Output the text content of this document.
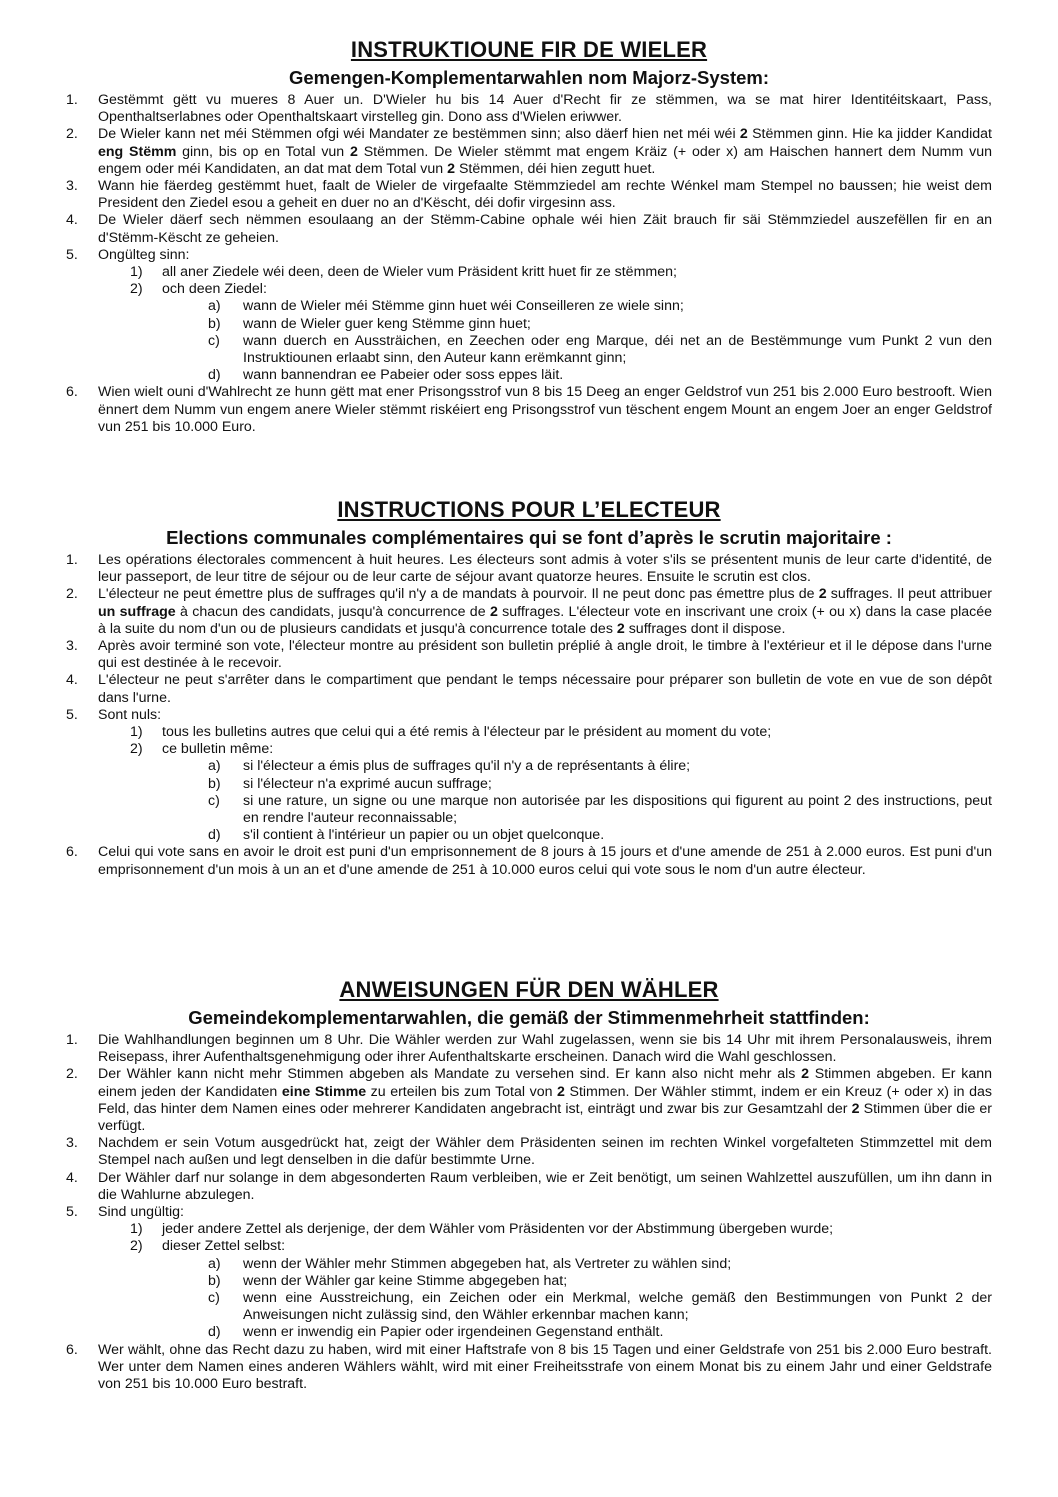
INSTRUKTIOUNE FIR DE WIELER
Gemengen-Komplementarwahlen nom Majorz-System:
1. Gestëmmt gëtt vu mueres 8 Auer un. D'Wieler hu bis 14 Auer d'Recht fir ze stëmmen, wa se mat hirer Identitéitskaart, Pass, Openthaltserlabnes oder Openthaltskaart virstelleg gin. Dono ass d'Wielen eriwwer.
2. De Wieler kann net méi Stëmmen ofgi wéi Mandater ze bestëmmen sinn; also däerf hien net méi wéi 2 Stëmmen ginn. Hie ka jidder Kandidat eng Stëmm ginn, bis op en Total vun 2 Stëmmen. De Wieler stëmmt mat engem Kräiz (+ oder x) am Haischen hannert dem Numm vun engem oder méi Kandidaten, an dat mat dem Total vun 2 Stëmmen, déi hien zegutt huet.
3. Wann hie fäerdeg gestëmmt huet, faalt de Wieler de virgefaalte Stëmmziedel am rechte Wénkel mam Stempel no baussen; hie weist dem President den Ziedel esou a geheit en duer no an d'Këscht, déi dofir virgesinn ass.
4. De Wieler däerf sech nëmmen esoulaang an der Stëmm-Cabine ophale wéi hien Zäit brauch fir säi Stëmmziedel auszefëllen fir en an d'Stëmm-Këscht ze geheien.
5. Ongülteg sinn:
1) all aner Ziedele wéi deen, deen de Wieler vum Präsident kritt huet fir ze stëmmen;
2) och deen Ziedel:
a) wann de Wieler méi Stëmme ginn huet wéi Conseilleren ze wiele sinn;
b) wann de Wieler guer keng Stëmme ginn huet;
c) wann duerch en Aussträichen, en Zeechen oder eng Marque, déi net an de Bestëmmunge vum Punkt 2 vun den Instruktiounen erlaabt sinn, den Auteur kann erëmkannt ginn;
d) wann bannendran ee Pabeier oder soss eppes läit.
6. Wien wielt ouni d'Wahlrecht ze hunn gëtt mat ener Prisongsstrof vun 8 bis 15 Deeg an enger Geldstrof vun 251 bis 2.000 Euro bestrooft. Wien ënnert dem Numm vun engem anere Wieler stëmmt riskéiert eng Prisongsstrof vun tëschent engem Mount an engem Joer an enger Geldstrof vun 251 bis 10.000 Euro.
INSTRUCTIONS POUR L’ELECTEUR
Elections communales complémentaires qui se font d’après le scrutin majoritaire :
1. Les opérations électorales commencent à huit heures. Les électeurs sont admis à voter s'ils se présentent munis de leur carte d'identité, de leur passeport, de leur titre de séjour ou de leur carte de séjour avant quatorze heures. Ensuite le scrutin est clos.
2. L'électeur ne peut émettre plus de suffrages qu'il n'y a de mandats à pourvoir. Il ne peut donc pas émettre plus de 2 suffrages. Il peut attribuer un suffrage à chacun des candidats, jusqu'à concurrence de 2 suffrages. L'électeur vote en inscrivant une croix (+ ou x) dans la case placée à la suite du nom d'un ou de plusieurs candidats et jusqu'à concurrence totale des 2 suffrages dont il dispose.
3. Après avoir terminé son vote, l'électeur montre au président son bulletin préplié à angle droit, le timbre à l'extérieur et il le dépose dans l'urne qui est destinée à le recevoir.
4. L'électeur ne peut s'arrêter dans le compartiment que pendant le temps nécessaire pour préparer son bulletin de vote en vue de son dépôt dans l'urne.
5. Sont nuls:
1) tous les bulletins autres que celui qui a été remis à l'électeur par le président au moment du vote;
2) ce bulletin même:
a) si l'électeur a émis plus de suffrages qu'il n'y a de représentants à élire;
b) si l'électeur n'a exprimé aucun suffrage;
c) si une rature, un signe ou une marque non autorisée par les dispositions qui figurent au point 2 des instructions, peut en rendre l'auteur reconnaissable;
d) s'il contient à l'intérieur un papier ou un objet quelconque.
6. Celui qui vote sans en avoir le droit est puni d'un emprisonnement de 8 jours à 15 jours et d'une amende de 251 à 2.000 euros. Est puni d'un emprisonnement d'un mois à un an et d'une amende de 251 à 10.000 euros celui qui vote sous le nom d'un autre électeur.
ANWEISUNGEN FÜR DEN WÄHLER
Gemeindekomplementarwahlen, die gemäß der Stimmenmehrheit stattfinden:
1. Die Wahlhandlungen beginnen um 8 Uhr. Die Wähler werden zur Wahl zugelassen, wenn sie bis 14 Uhr mit ihrem Personalausweis, ihrem Reisepass, ihrer Aufenthaltsgenehmigung oder ihrer Aufenthaltskarte erscheinen. Danach wird die Wahl geschlossen.
2. Der Wähler kann nicht mehr Stimmen abgeben als Mandate zu versehen sind. Er kann also nicht mehr als 2 Stimmen abgeben. Er kann einem jeden der Kandidaten eine Stimme zu erteilen bis zum Total von 2 Stimmen. Der Wähler stimmt, indem er ein Kreuz (+ oder x) in das Feld, das hinter dem Namen eines oder mehrerer Kandidaten angebracht ist, einträgt und zwar bis zur Gesamtzahl der 2 Stimmen über die er verfügt.
3. Nachdem er sein Votum ausgedrückt hat, zeigt der Wähler dem Präsidenten seinen im rechten Winkel vorgefalteten Stimmzettel mit dem Stempel nach außen und legt denselben in die dafür bestimmte Urne.
4. Der Wähler darf nur solange in dem abgesonderten Raum verbleiben, wie er Zeit benötigt, um seinen Wahlzettel auszufüllen, um ihn dann in die Wahlurne abzulegen.
5. Sind ungültig:
1) jeder andere Zettel als derjenige, der dem Wähler vom Präsidenten vor der Abstimmung übergeben wurde;
2) dieser Zettel selbst:
a) wenn der Wähler mehr Stimmen abgegeben hat, als Vertreter zu wählen sind;
b) wenn der Wähler gar keine Stimme abgegeben hat;
c) wenn eine Ausstreichung, ein Zeichen oder ein Merkmal, welche gemäß den Bestimmungen von Punkt 2 der Anweisungen nicht zulässig sind, den Wähler erkennbar machen kann;
d) wenn er inwendig ein Papier oder irgendeinen Gegenstand enthält.
6. Wer wählt, ohne das Recht dazu zu haben, wird mit einer Haftstrafe von 8 bis 15 Tagen und einer Geldstrafe von 251 bis 2.000 Euro bestraft. Wer unter dem Namen eines anderen Wählers wählt, wird mit einer Freiheitsstrafe von einem Monat bis zu einem Jahr und einer Geldstrafe von 251 bis 10.000 Euro bestraft.
